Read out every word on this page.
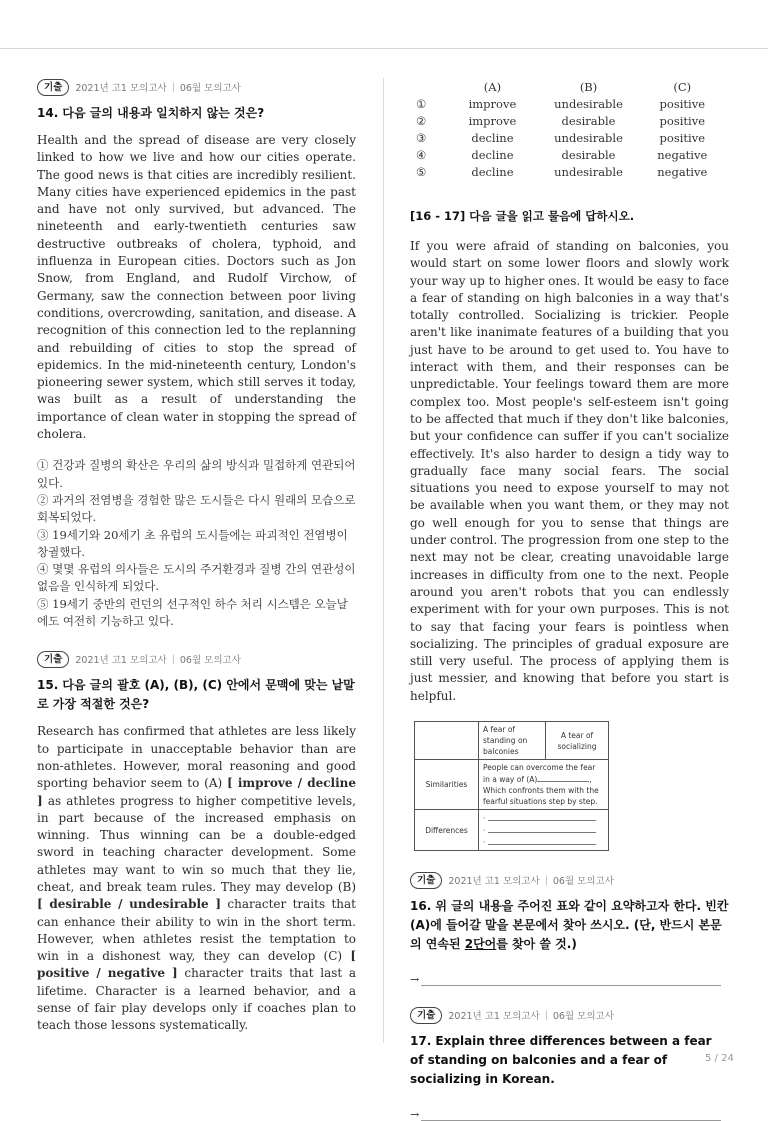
기출	2021년 고1 모의고사 | 06월 모의고사

14. 다음 글의 내용과 일치하지 않는 것은?

Health and the spread of disease are very closely linked to how we live and how our cities operate. The good news is that cities are incredibly resilient. Many cities have experienced epidemics in the past and have not only survived, but advanced. The nineteenth and early-twentieth centuries saw destructive outbreaks of cholera, typhoid, and influenza in European cities. Doctors such as Jon Snow, from England, and Rudolf Virchow, of Germany, saw the connection between poor living conditions, overcrowding, sanitation, and disease. A recognition of this connection led to the replanning and rebuilding of cities to stop the spread of epidemics. In the mid-nineteenth century, London's pioneering sewer system, which still serves it today, was built as a result of understanding the importance of clean water in stopping the spread of cholera.

① 건강과 질병의 확산은 우리의 삶의 방식과 밀접하게 연관되어 있다.

② 과거의 전염병을 경험한 많은 도시들은 다시 원래의 모습으로 회복되었다.

③ 19세기와 20세기 초 유럽의 도시들에는 파괴적인 전염병이 창궐했다.

④ 몇몇 유럽의 의사들은 도시의 주거환경과 질병 간의 연관성이 없음을 인식하게 되었다.

⑤ 19세기 중반의 런던의 선구적인 하수 처리 시스템은 오늘날에도 여전히 기능하고 있다.

기출	2021년 고1 모의고사 | 06월 모의고사

15. 다음 글의 괄호 (A), (B), (C) 안에서 문맥에 맞는 낱말로 가장 적절한 것은?

Research has confirmed that athletes are less likely to participate in unacceptable behavior than are non-athletes. However, moral reasoning and good sporting behavior seem to (A) [ improve / decline ] as athletes progress to higher competitive levels, in part because of the increased emphasis on winning. Thus winning can be a double-edged sword in teaching character development. Some athletes may want to win so much that they lie, cheat, and break team rules. They may develop (B) [ desirable / undesirable ] character traits that can enhance their ability to win in the short term. However, when athletes resist the temptation to win in a dishonest way, they can develop (C) [ positive / negative ] character traits that last a lifetime. Character is a learned behavior, and a sense of fair play develops only if coaches plan to teach those lessons systematically.

	(A)	(B)	(C)
①	improve	undesirable	positive
②	improve	desirable	positive
③	decline	undesirable	positive
④	decline	desirable	negative
⑤	decline	undesirable	negative

[16 - 17] 다음 글을 읽고 물음에 답하시오.

If you were afraid of standing on balconies, you would start on some lower floors and slowly work your way up to higher ones. It would be easy to face a fear of standing on high balconies in a way that's totally controlled. Socializing is trickier. People aren't like inanimate features of a building that you just have to be around to get used to. You have to interact with them, and their responses can be unpredictable. Your feelings toward them are more complex too. Most people's self-esteem isn't going to be affected that much if they don't like balconies, but your confidence can suffer if you can't socialize effectively. It's also harder to design a tidy way to gradually face many social fears. The social situations you need to expose yourself to may not be available when you want them, or they may not go well enough for you to sense that things are under control. The progression from one step to the next may not be clear, creating unavoidable large increases in difficulty from one to the next. People around you aren't robots that you can endlessly experiment with for your own purposes. This is not to say that facing your fears is pointless when socializing. The principles of gradual exposure are still very useful. The process of applying them is just messier, and knowing that before you start is helpful.

	A fear of standing on balconies	A tear of socializing
Similarities	People can overcome the fear
in a way of (A) ,
Which confronts them with the
fearful situations step by step.	

Differences	·
·
·	
기출	2021년 고1 모의고사 | 06월 모의고사

16. 위 글의 내용을 주어진 표와 같이 요약하고자 한다. 빈칸 (A)에 들어갈 말을 본문에서 찾아 쓰시오. (단, 반드시 본문의 연속된 2단어를 찾아 쓸 것.)

→
기출	2021년 고1 모의고사 | 06월 모의고사

17. Explain three differences between a fear of standing on balconies and a fear of socializing in Korean.

→
5 / 24
